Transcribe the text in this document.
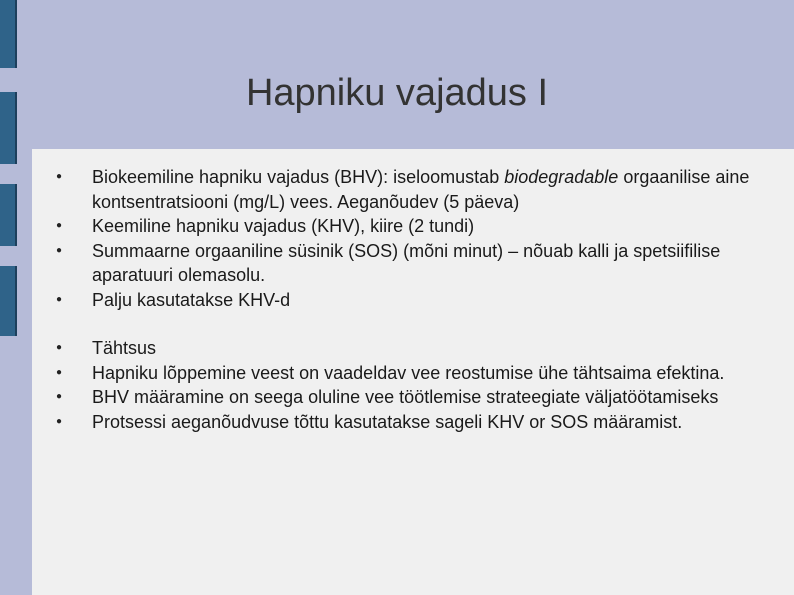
Hapniku vajadus I
● Biokeemiline hapniku vajadus (BHV): iseloomustab biodegradable orgaanilise aine kontsentratsiooni (mg/L) vees. Aeganõudev (5 päeva)
● Keemiline hapniku vajadus (KHV), kiire (2 tundi)
● Summaarne orgaaniline süsinik (SOS) (mõni minut) – nõuab kalli ja spetsiifilise aparatuuri olemasolu.
● Palju kasutatakse KHV-d
● Tähtsus
● Hapniku lõppemine veest on vaadeldav vee reostumise ühe tähtsaima efektina.
● BHV määramine on seega oluline vee töötlemise strateegiate väljatöötamiseks
● Protsessi aeganõudvuse tõttu kasutatakse sageli KHV or SOS määramist.
